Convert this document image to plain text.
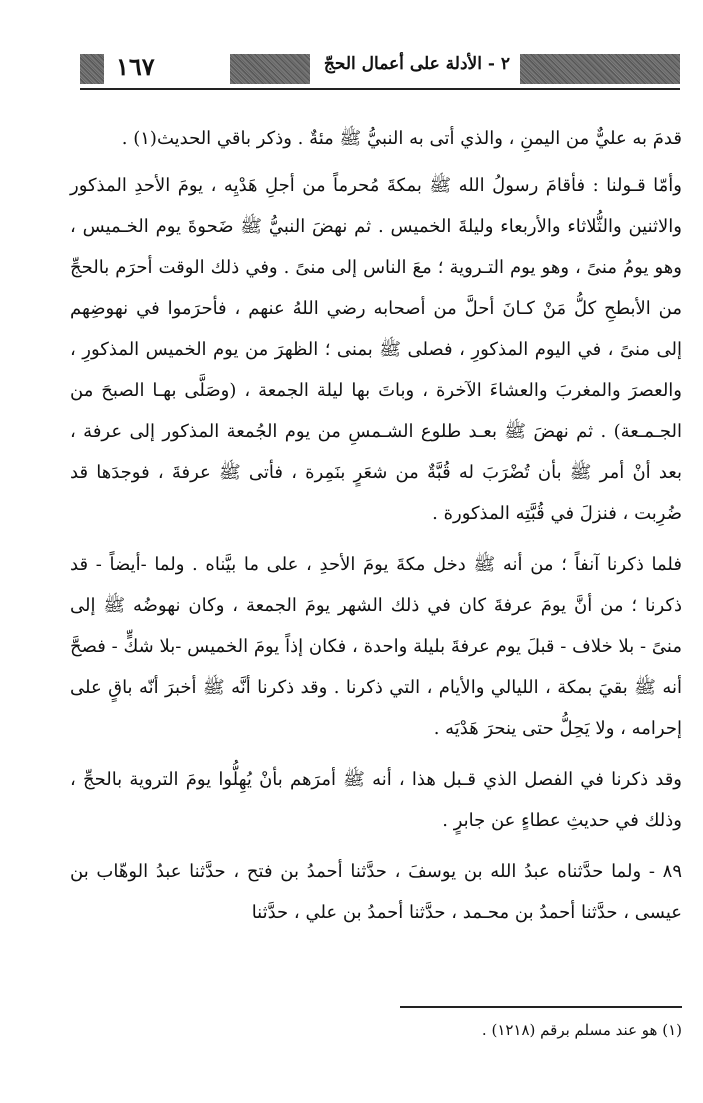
١٦٧	٢ - الأدلة على أعمال الحجّ

قدمَ به عليٌّ من اليمنِ ، والذي أتى به النبيُّ ﷺ مئةٌ . وذكر باقي الحديث(١) .

وأمّا قـولنا : فأقامَ رسولُ الله ﷺ بمكةَ مُحرماً من أجلِ هَدْيِه ، يومَ الأحدِ المذكور والاثنين والثُّلاثاء والأربعاء وليلةَ الخميس . ثم نهضَ النبيُّ ﷺ ضَحوةَ يوم الخـميس ، وهو يومُ منىً ، وهو يوم التـروية ؛ معَ الناس إلى منىً . وفي ذلك الوقت أحرَم بالحجِّ من الأبطحِ كلُّ مَنْ كـانَ أحلَّ من أصحابه رضي اللهُ عنهم ، فأحرَموا في نهوضِهم إلى منىً ، في اليوم المذكورِ ، فصلى ﷺ بمنى ؛ الظهرَ من يوم الخميس المذكورِ ، والعصرَ والمغربَ والعشاءَ الآخرة ، وباتَ بها ليلة الجمعة ، (وصَلَّى بهـا الصبحَ من الجـمـعة) . ثم نهضَ ﷺ بعـد طلوع الشـمسِ من يوم الجُمعة المذكور إلى عرفة ، بعد أنْ أمر ﷺ بأن تُضْرَبَ له قُبَّةٌ من شعَرٍ بنَمِرة ، فأتى ﷺ عرفةَ ، فوجدَها قد ضُرِبت ، فنزلَ في قُبَّتِه المذكورة .

فلما ذكرنا آنفاً ؛ من أنه ﷺ دخل مكةَ يومَ الأحدِ ، على ما بيَّناه . ولما -أيضاً - قد ذكرنا ؛ من أنَّ يومَ عرفةَ كان في ذلك الشهر يومَ الجمعة ، وكان نهوضُه ﷺ إلى منىً - بلا خلاف - قبلَ يوم عرفةَ بليلة واحدة ، فكان إذاً يومَ الخميس -بلا شكٍّ - فصحَّ أنه ﷺ بقيَ بمكة ، الليالي والأيام ، التي ذكرنا . وقد ذكرنا أنَّه ﷺ أخبرَ أنّه باقٍ على إحرامه ، ولا يَحِلُّ حتى ينحرَ هَدْيَه .

وقد ذكرنا في الفصل الذي قـبل هذا ، أنه ﷺ أمرَهم بأنْ يُهِلُّوا يومَ التروية بالحجِّ ، وذلك في حديثِ عطاءٍ عن جابرٍ .

٨٩ - ولما حدَّثناه عبدُ الله بن يوسفَ ، حدَّثنا أحمدُ بن فتح ، حدَّثنا عبدُ الوهّاب بن عيسى ، حدَّثنا أحمدُ بن محـمد ، حدَّثنا أحمدُ بن علي ، حدَّثنا

(١) هو عند مسلم برقم (١٢١٨) .
